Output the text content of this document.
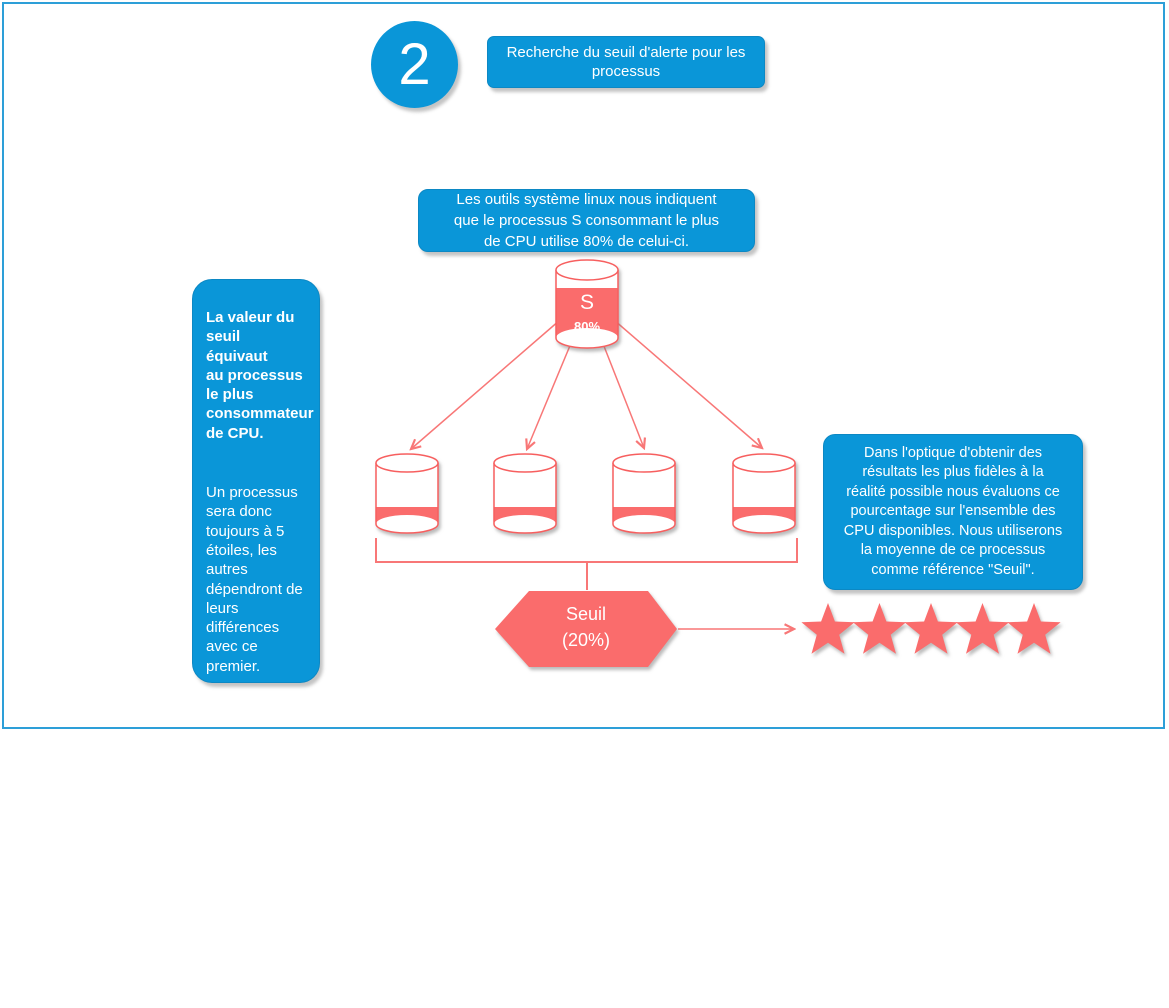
2	Recherche du seuil d'alerte pour les processus
Les outils système linux nous indiquent
que le processus S consommant le plus
de CPU utilise 80% de celui-ci.

La valeur du
seuil équivaut
au processus
le plus
consommateur
de CPU.

Un processus
sera donc
toujours à 5
étoiles, les
autres
dépendront de
leurs
différences
avec ce
premier.

Dans l'optique d'obtenir des
résultats les plus fidèles à la
réalité possible nous évaluons ce
pourcentage sur l'ensemble des
CPU disponibles. Nous utiliserons
la moyenne de ce processus
comme référence "Seuil".
S
80%
20%	20%	20%	20%
Seuil
(20%)
